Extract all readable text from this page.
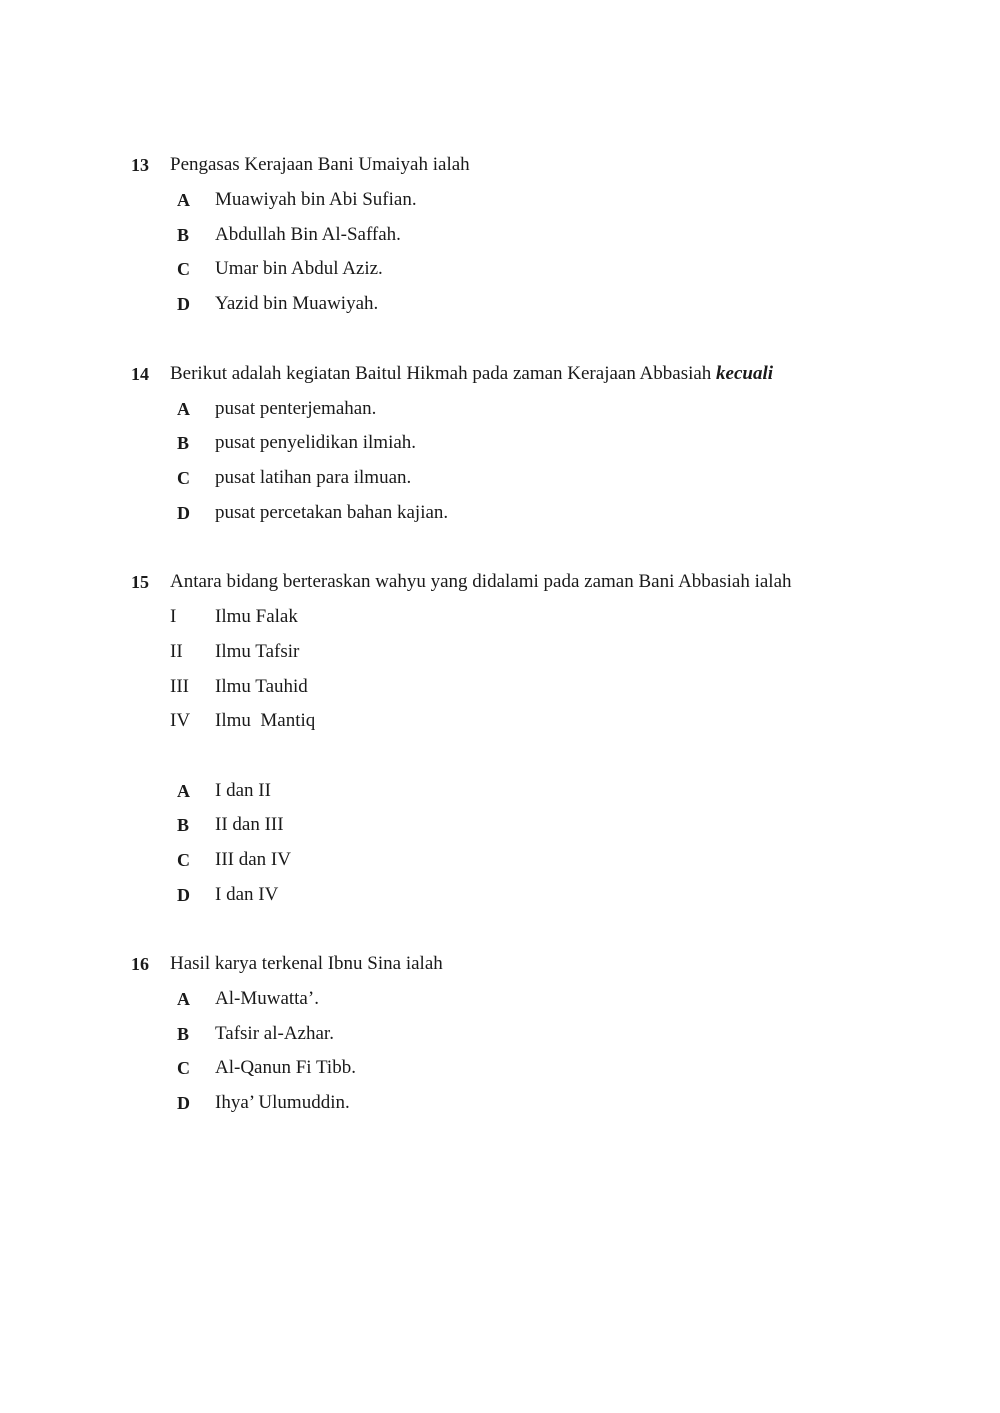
13 Pengasas Kerajaan Bani Umaiyah ialah
A Muawiyah bin Abi Sufian.
B Abdullah Bin Al-Saffah.
C Umar bin Abdul Aziz.
D Yazid bin Muawiyah.
14 Berikut adalah kegiatan Baitul Hikmah pada zaman Kerajaan Abbasiah kecuali
A pusat penterjemahan.
B pusat penyelidikan ilmiah.
C pusat latihan para ilmuan.
D pusat percetakan bahan kajian.
15 Antara bidang berteraskan wahyu yang didalami pada zaman Bani Abbasiah ialah
I Ilmu Falak
II Ilmu Tafsir
III Ilmu Tauhid
IV Ilmu  Mantiq
A I dan II
B II dan III
C III dan IV
D I dan IV
16 Hasil karya terkenal Ibnu Sina ialah
A Al-Muwatta’.
B Tafsir al-Azhar.
C Al-Qanun Fi Tibb.
D Ihya’ Ulumuddin.
